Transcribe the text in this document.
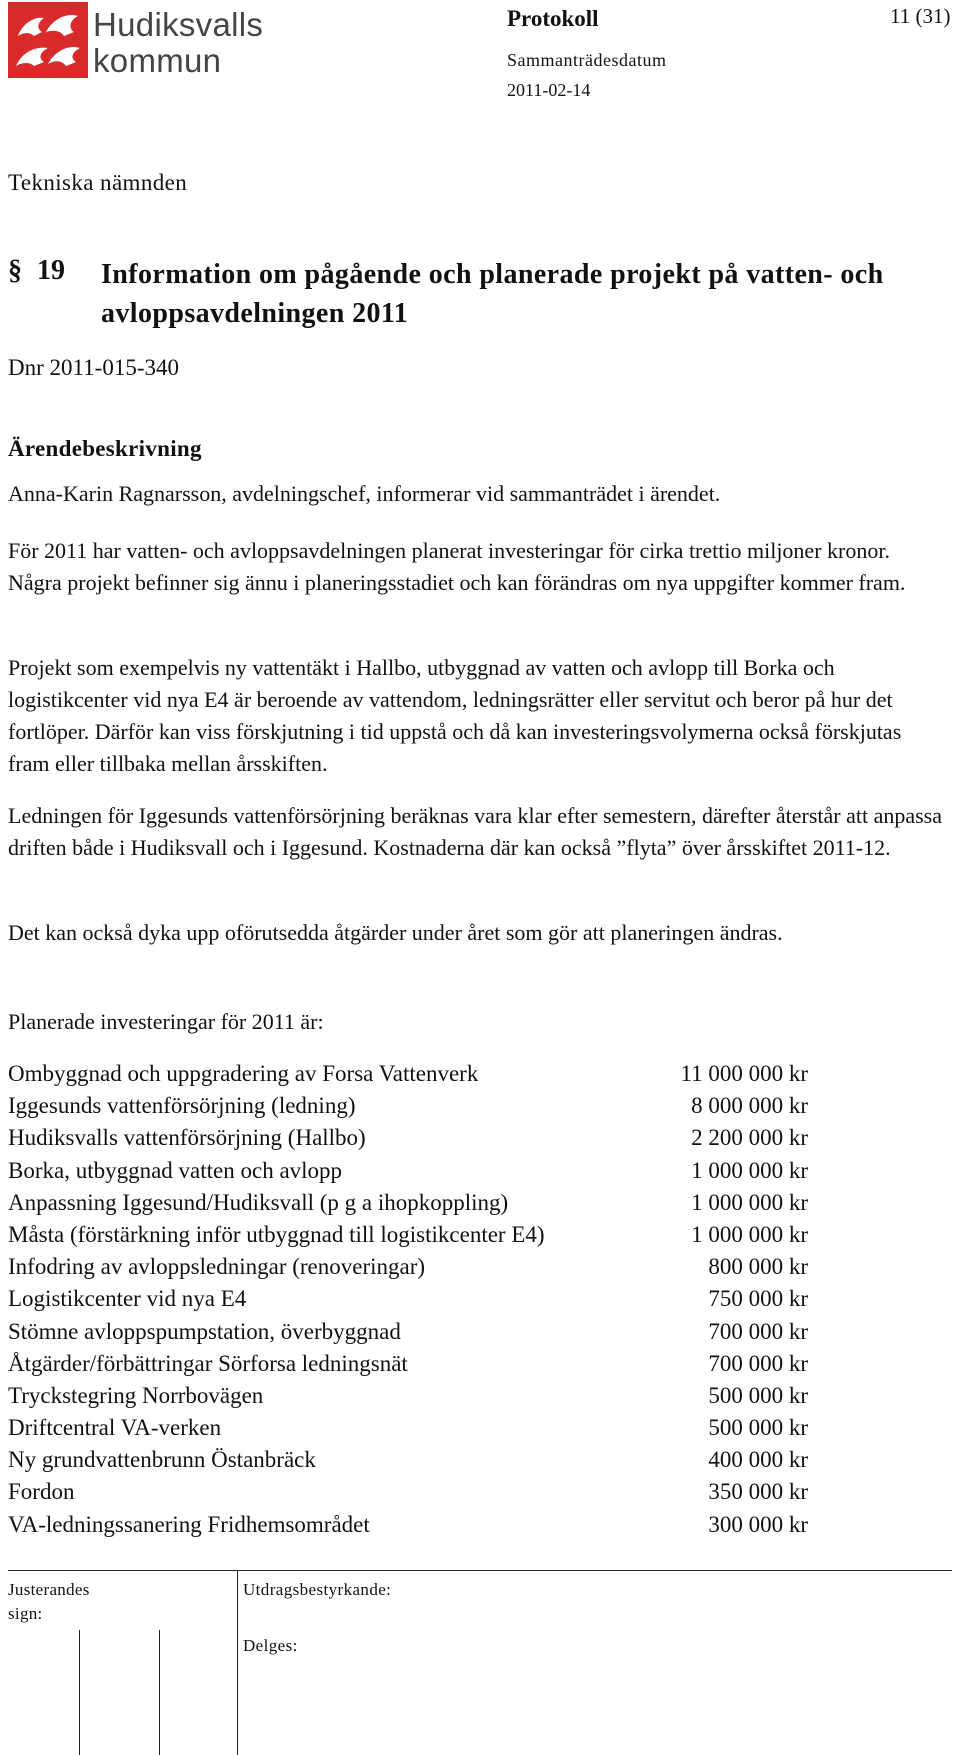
Hudiksvalls
kommun
Protokoll	11 (31)
Sammanträdesdatum
2011-02-14
Tekniska nämnden
§ 19 Information om pågående och planerade projekt på vatten- och avloppsavdelningen 2011
Dnr 2011-015-340
Ärendebeskrivning
Anna-Karin Ragnarsson, avdelningschef, informerar vid sammanträdet i ärendet.
För 2011 har vatten- och avloppsavdelningen planerat investeringar för cirka trettio miljoner kronor. Några projekt befinner sig ännu i planeringsstadiet och kan förändras om nya uppgifter kommer fram.
Projekt som exempelvis ny vattentäkt i Hallbo, utbyggnad av vatten och avlopp till Borka och logistikcenter vid nya E4 är beroende av vattendom, ledningsrätter eller servitut och beror på hur det fortlöper. Därför kan viss förskjutning i tid uppstå och då kan investeringsvolymerna också förskjutas fram eller tillbaka mellan årsskiften.
Ledningen för Iggesunds vattenförsörjning beräknas vara klar efter semestern, därefter återstår att anpassa driften både i Hudiksvall och i Iggesund. Kostnaderna där kan också ”flyta” över årsskiftet 2011-12.
Det kan också dyka upp oförutsedda åtgärder under året som gör att planeringen ändras.
Planerade investeringar för 2011 är:
Ombyggnad och uppgradering av Forsa Vattenverk	11 000 000 kr
Iggesunds vattenförsörjning (ledning)	8 000 000 kr
Hudiksvalls vattenförsörjning (Hallbo)	2 200 000 kr
Borka, utbyggnad vatten och avlopp	1 000 000 kr
Anpassning Iggesund/Hudiksvall (p g a ihopkoppling)	1 000 000 kr
Måsta (förstärkning inför utbyggnad till logistikcenter E4)	1 000 000 kr
Infodring av avloppsledningar (renoveringar)	800 000 kr
Logistikcenter vid nya E4	750 000 kr
Stömne avloppspumpstation, överbyggnad	700 000 kr
Åtgärder/förbättringar Sörforsa ledningsnät	700 000 kr
Tryckstegring Norrbovägen	500 000 kr
Driftcentral VA-verken	500 000 kr
Ny grundvattenbrunn Östanbräck	400 000 kr
Fordon	350 000 kr
VA-ledningssanering Fridhemsområdet	300 000 kr
Justerandes sign:
Utdragsbestyrkande:
Delges:
